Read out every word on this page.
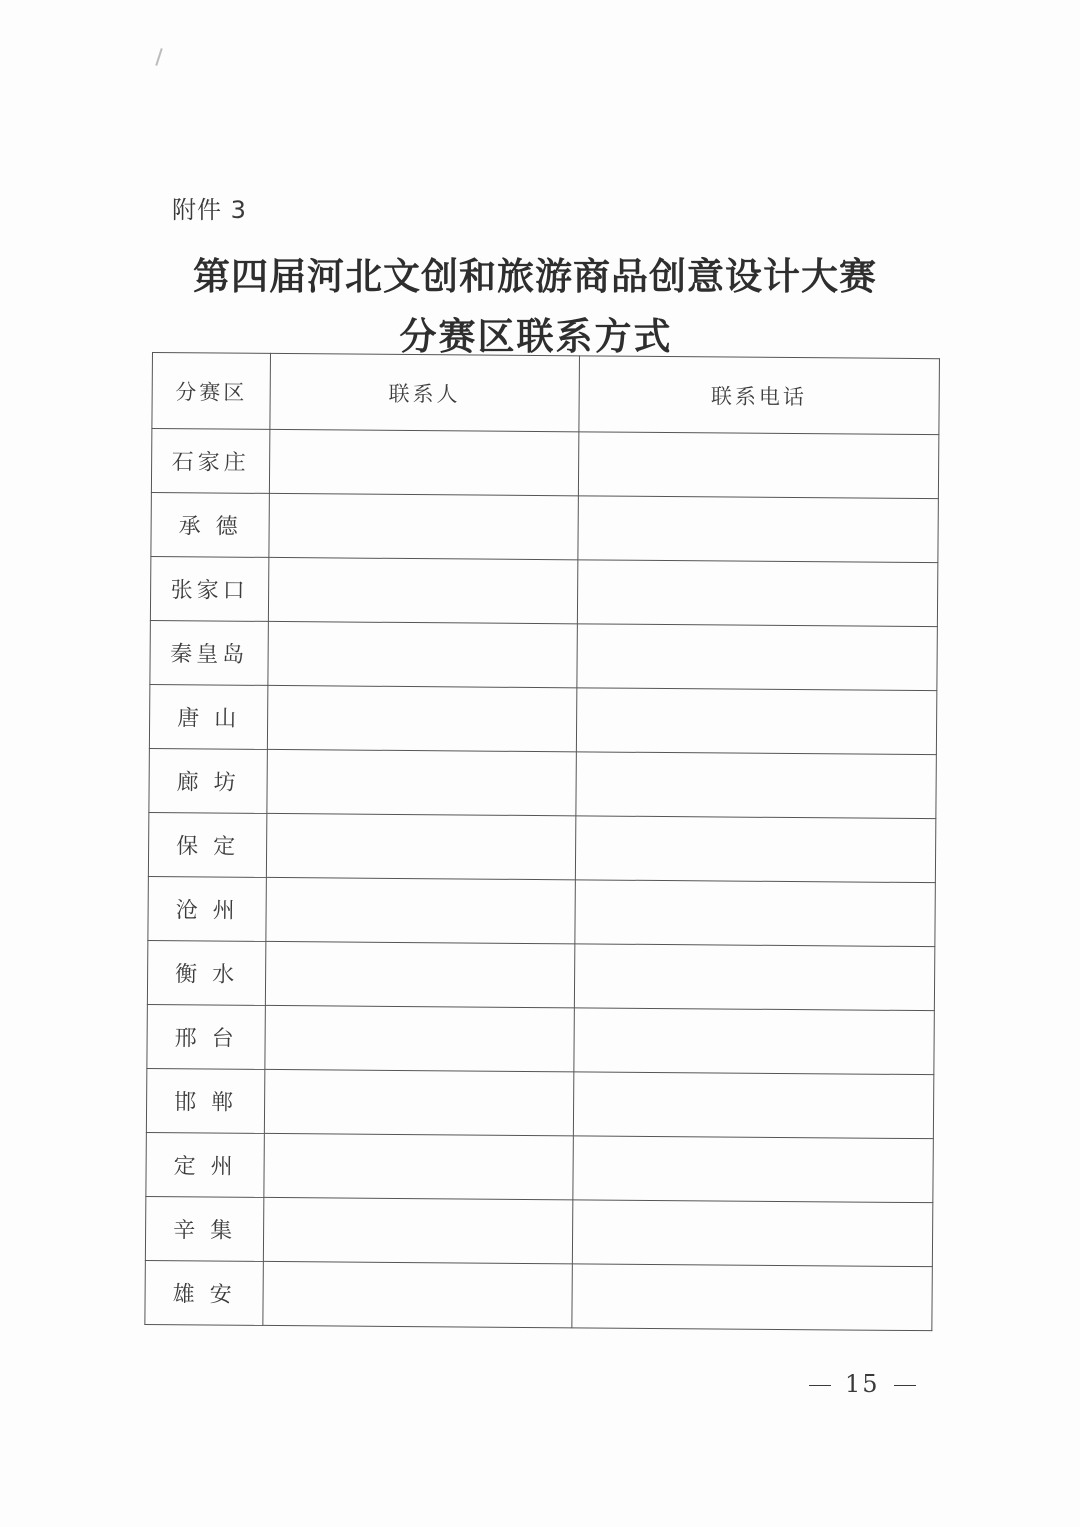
附件 3
第四届河北文创和旅游商品创意设计大赛
分赛区联系方式
分赛区	联系人	联系电话
石家庄		
承 德		
张家口		
秦皇岛		
唐 山		
廊 坊		
保 定		
沧 州		
衡 水		
邢 台		
邯 郸		
定 州		
辛 集		
雄 安		
15
